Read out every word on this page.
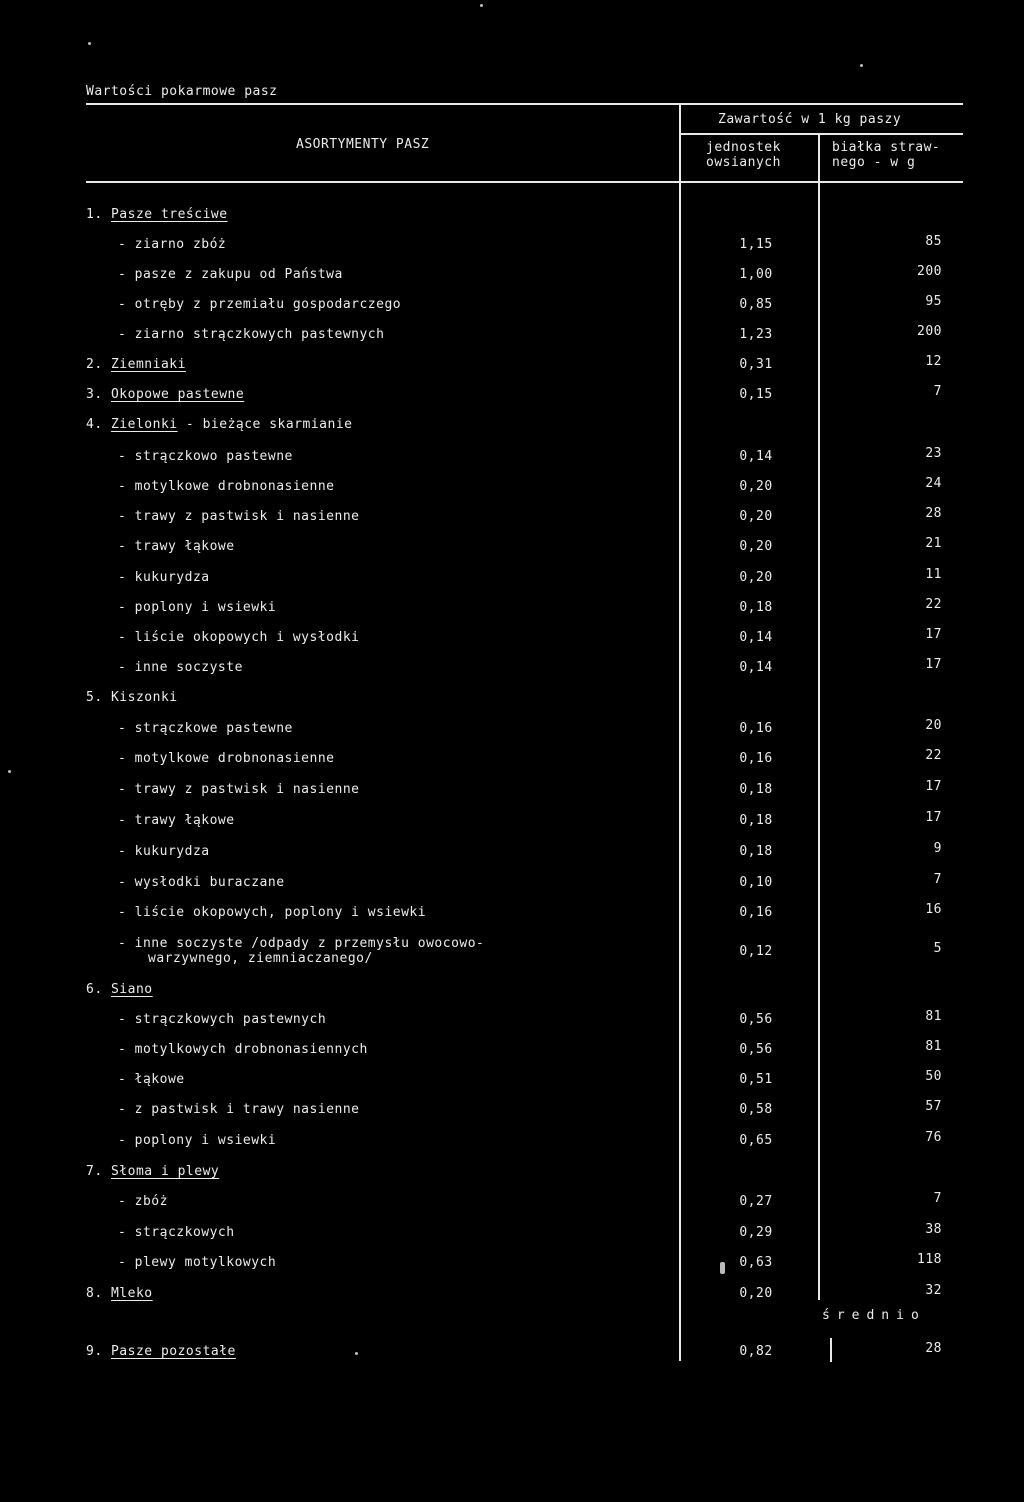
Wartości pokarmowe pasz
ASORTYMENTY PASZ
Zawartość w 1 kg paszy
jednostek
owsianych
białka straw-
nego - w g
1. Pasze treściwe
- ziarno zbóż	1,15	85
- pasze z zakupu od Państwa	1,00	200
- otręby z przemiału gospodarczego	0,85	95
- ziarno strączkowych pastewnych	1,23	200
2. Ziemniaki	0,31	12
3. Okopowe pastewne	0,15	7
4. Zielonki - bieżące skarmianie
- strączkowo pastewne	0,14	23
- motylkowe drobnonasienne	0,20	24
- trawy z pastwisk i nasienne	0,20	28
- trawy łąkowe	0,20	21
- kukurydza	0,20	11
- poplony i wsiewki	0,18	22
- liście okopowych i wysłodki	0,14	17
- inne soczyste	0,14	17
5. Kiszonki
- strączkowe pastewne	0,16	20
- motylkowe drobnonasienne	0,16	22
- trawy z pastwisk i nasienne	0,18	17
- trawy łąkowe	0,18	17
- kukurydza	0,18	9
- wysłodki buraczane	0,10	7
- liście okopowych, poplony i wsiewki	0,16	16
- inne soczyste /odpady z przemysłu owocowo-
warzywnego, ziemniaczanego/	0,12	5
6. Siano
- strączkowych pastewnych	0,56	81
- motylkowych drobnonasiennych	0,56	81
- łąkowe	0,51	50
- z pastwisk i trawy nasienne	0,58	57
- poplony i wsiewki	0,65	76
7. Słoma i plewy
- zbóż	0,27	7
- strączkowych	0,29	38
- plewy motylkowych	0,63	118
8. Mleko	0,20	32
średnio
9. Pasze pozostałe	0,82	28
